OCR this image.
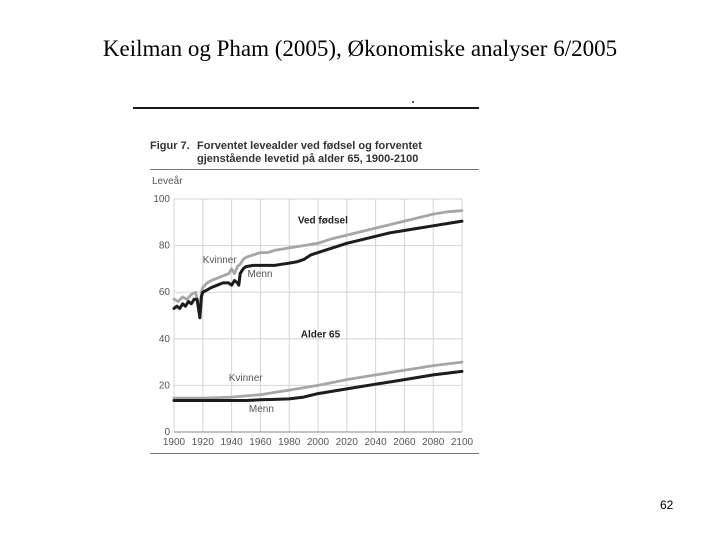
Keilman og Pham (2005), Økonomiske analyser 6/2005
Figur 7. Forventet levealder ved fødsel og forventet
gjenstående levetid på alder 65, 1900-2100
0
20
40
60
80
100
1900 1920 1940 1960 1980 2000 2020 2040 2060 2080 2100
Leveår
Ved fødsel
Alder 65
Kvinner
Menn
Kvinner
Menn
62
